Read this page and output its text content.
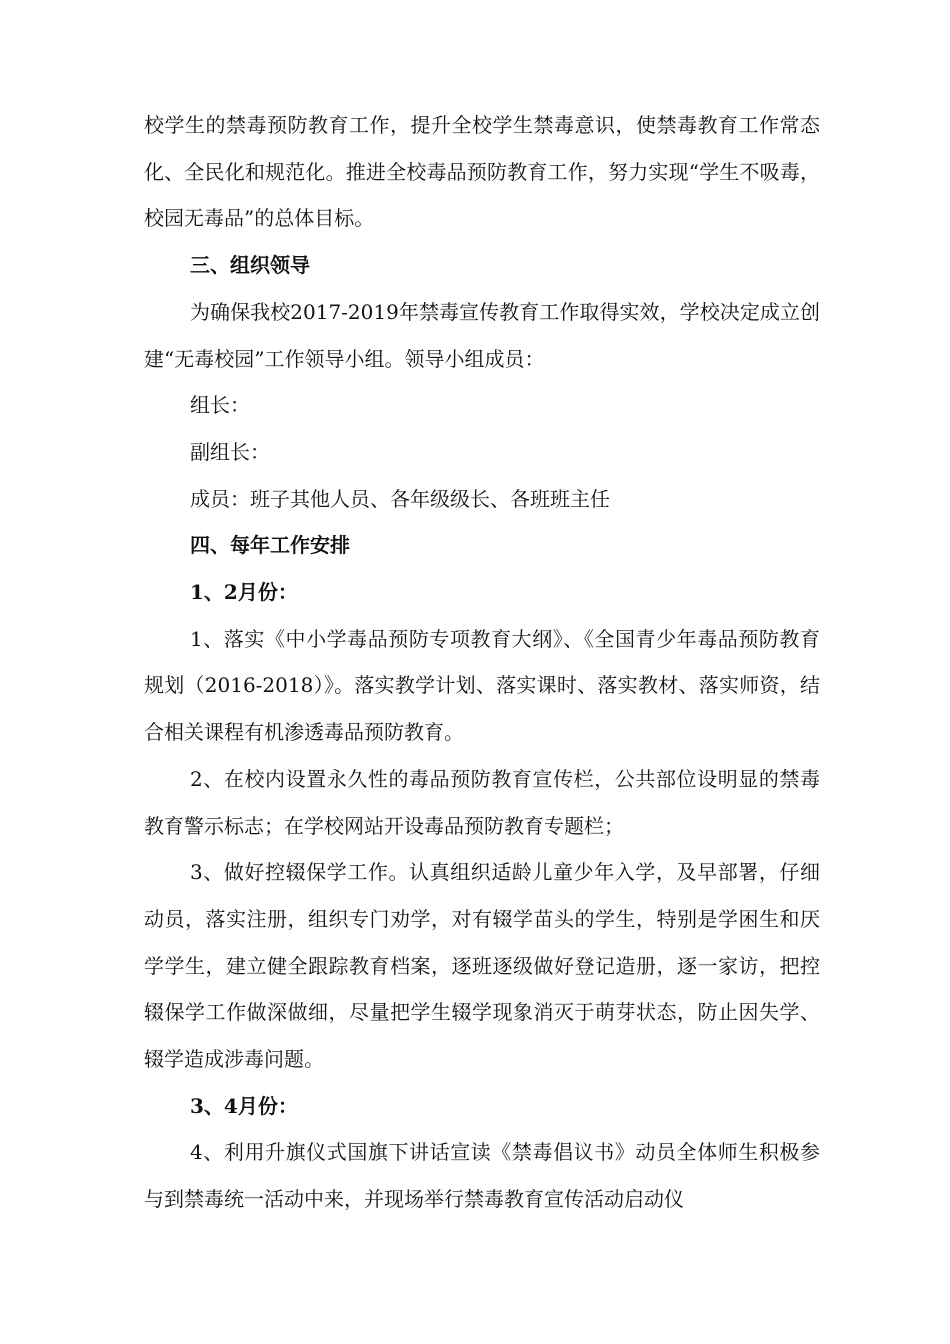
校学生的禁毒预防教育工作，提升全校学生禁毒意识，使禁毒教育工作常态化、全民化和规范化。推进全校毒品预防教育工作，努力实现“学生不吸毒，校园无毒品”的总体目标。

三、组织领导

为确保我校2017-2019年禁毒宣传教育工作取得实效，学校决定成立创建“无毒校园”工作领导小组。领导小组成员：

组长：

副组长：

成员：班子其他人员、各年级级长、各班班主任

四、每年工作安排

1、2月份：

1、落实《中小学毒品预防专项教育大纲》、《全国青少年毒品预防教育规划（2016-2018）》。落实教学计划、落实课时、落实教材、落实师资，结合相关课程有机渗透毒品预防教育。

2、在校内设置永久性的毒品预防教育宣传栏，公共部位设明显的禁毒教育警示标志；在学校网站开设毒品预防教育专题栏；

3、做好控辍保学工作。认真组织适龄儿童少年入学，及早部署，仔细动员，落实注册，组织专门劝学，对有辍学苗头的学生，特别是学困生和厌学学生，建立健全跟踪教育档案，逐班逐级做好登记造册，逐一家访，把控辍保学工作做深做细，尽量把学生辍学现象消灭于萌芽状态，防止因失学、辍学造成涉毒问题。

3、4月份：

4、利用升旗仪式国旗下讲话宣读《禁毒倡议书》动员全体师生积极参与到禁毒统一活动中来，并现场举行禁毒教育宣传活动启动仪
